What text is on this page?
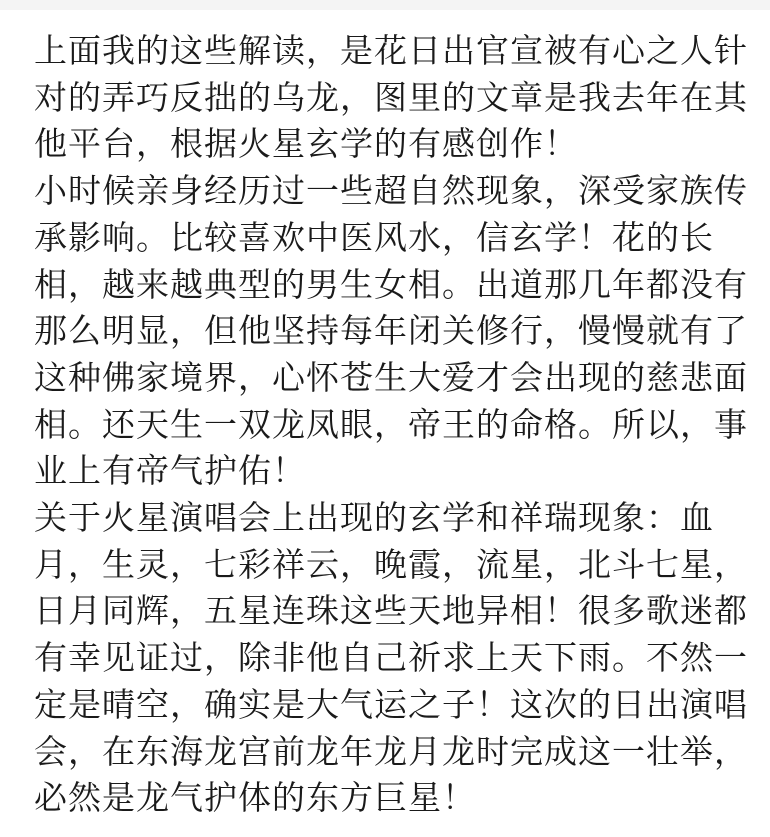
上面我的这些解读，是花日出官宣被有心之人针
对的弄巧反拙的乌龙，图里的文章是我去年在其
他平台，根据火星玄学的有感创作！
小时候亲身经历过一些超自然现象，深受家族传
承影响。比较喜欢中医风水，信玄学！花的长
相，越来越典型的男生女相。出道那几年都没有
那么明显，但他坚持每年闭关修行，慢慢就有了
这种佛家境界，心怀苍生大爱才会出现的慈悲面
相。还天生一双龙凤眼，帝王的命格。所以，事
业上有帝气护佑！
关于火星演唱会上出现的玄学和祥瑞现象：血
月，生灵，七彩祥云，晚霞，流星，北斗七星，
日月同辉，五星连珠这些天地异相！很多歌迷都
有幸见证过，除非他自己祈求上天下雨。不然一
定是晴空，确实是大气运之子！这次的日出演唱
会，在东海龙宫前龙年龙月龙时完成这一壮举，
必然是龙气护体的东方巨星！
